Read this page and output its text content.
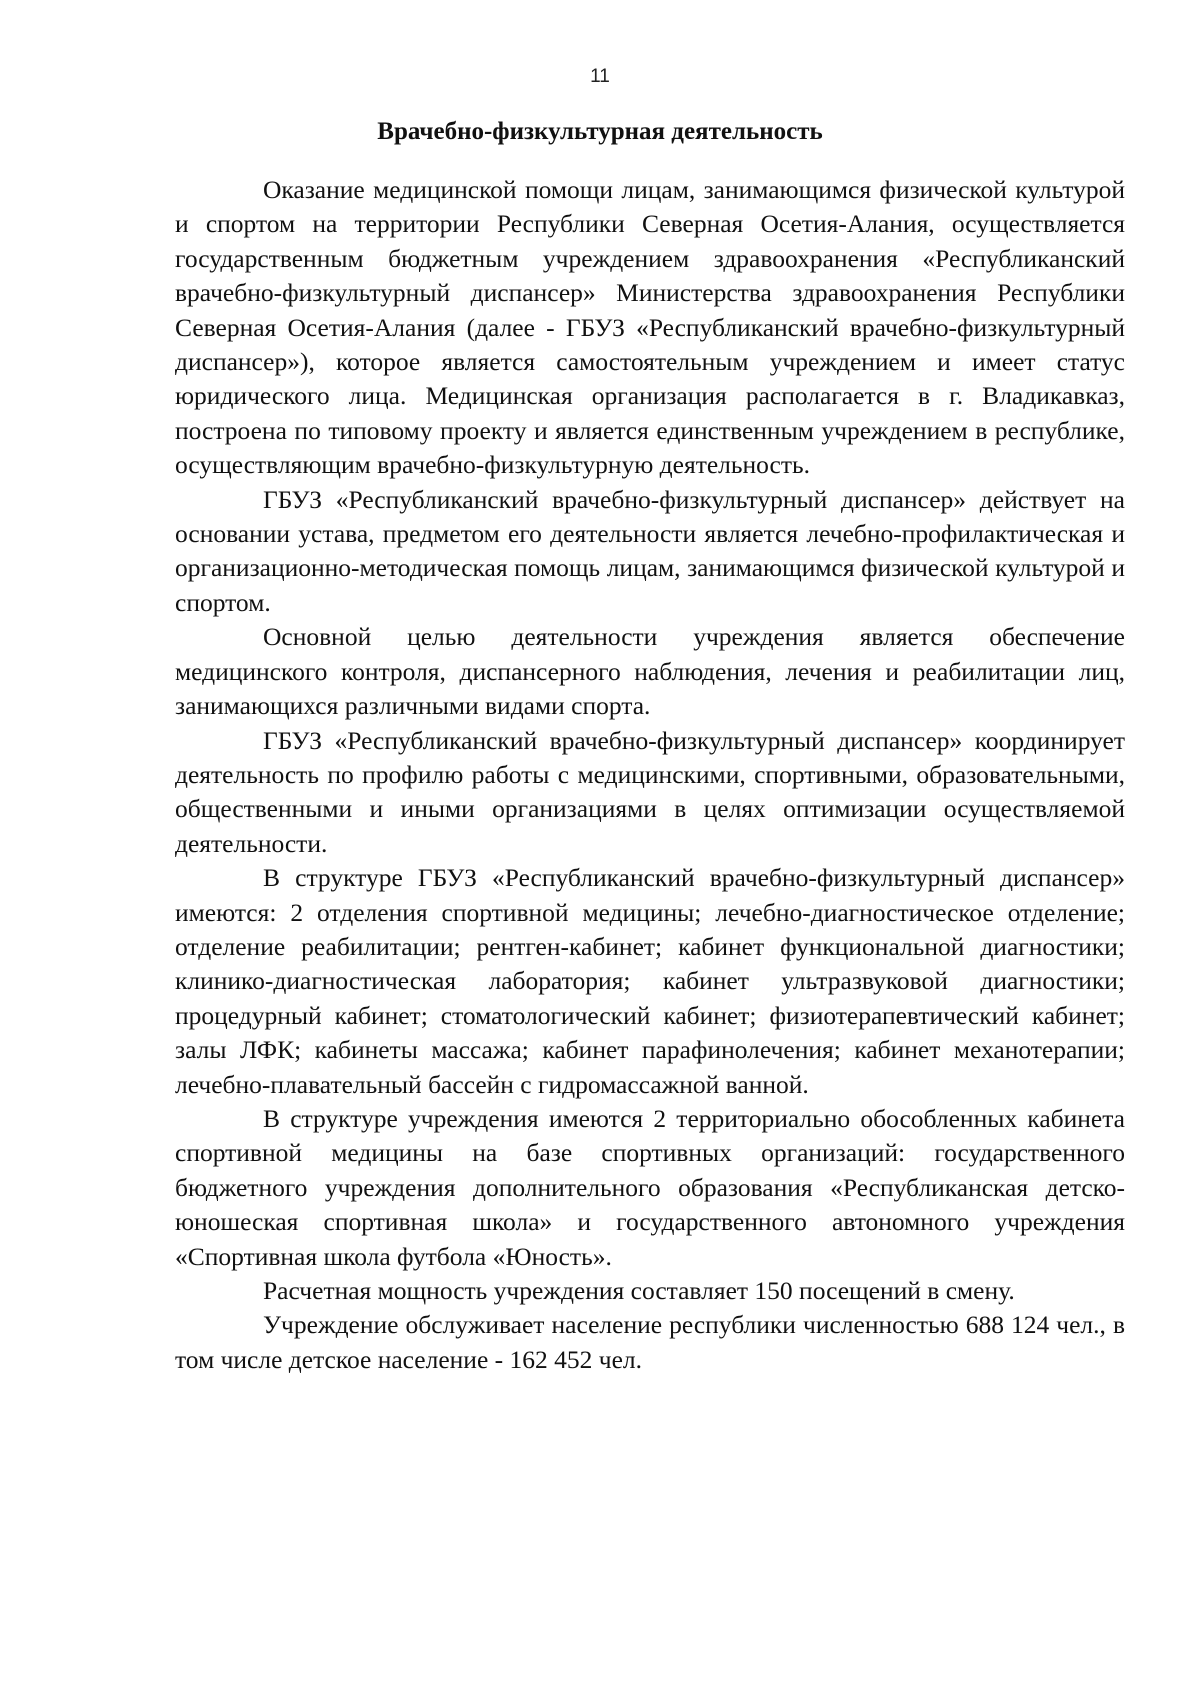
11
Врачебно-физкультурная деятельность

Оказание медицинской помощи лицам, занимающимся физической культурой и спортом на территории Республики Северная Осетия-Алания, осуществляется государственным бюджетным учреждением здравоохранения «Республиканский врачебно-физкультурный диспансер» Министерства здравоохранения Республики Северная Осетия-Алания (далее - ГБУЗ «Республиканский врачебно-физкультурный диспансер»), которое является самостоятельным учреждением и имеет статус юридического лица. Медицинская организация располагается в г. Владикавказ, построена по типовому проекту и является единственным учреждением в республике, осуществляющим врачебно-физкультурную деятельность.

ГБУЗ «Республиканский врачебно-физкультурный диспансер» действует на основании устава, предметом его деятельности является лечебно-профилактическая и организационно-методическая помощь лицам, занимающимся физической культурой и спортом.

Основной целью деятельности учреждения является обеспечение медицинского контроля, диспансерного наблюдения, лечения и реабилитации лиц, занимающихся различными видами спорта.

ГБУЗ «Республиканский врачебно-физкультурный диспансер» координирует деятельность по профилю работы с медицинскими, спортивными, образовательными, общественными и иными организациями в целях оптимизации осуществляемой деятельности.

В структуре ГБУЗ «Республиканский врачебно-физкультурный диспансер» имеются: 2 отделения спортивной медицины; лечебно-диагностическое отделение; отделение реабилитации; рентген-кабинет; кабинет функциональной диагностики; клинико-диагностическая лаборатория; кабинет ультразвуковой диагностики; процедурный кабинет; стоматологический кабинет; физиотерапевтический кабинет; залы ЛФК; кабинеты массажа; кабинет парафинолечения; кабинет механотерапии; лечебно-плавательный бассейн с гидромассажной ванной.

В структуре учреждения имеются 2 территориально обособленных кабинета спортивной медицины на базе спортивных организаций: государственного бюджетного учреждения дополнительного образования «Республиканская детско-юношеская спортивная школа» и государственного автономного учреждения «Спортивная школа футбола «Юность».

Расчетная мощность учреждения составляет 150 посещений в смену.

Учреждение обслуживает население республики численностью 688 124 чел., в том числе детское население - 162 452 чел.
